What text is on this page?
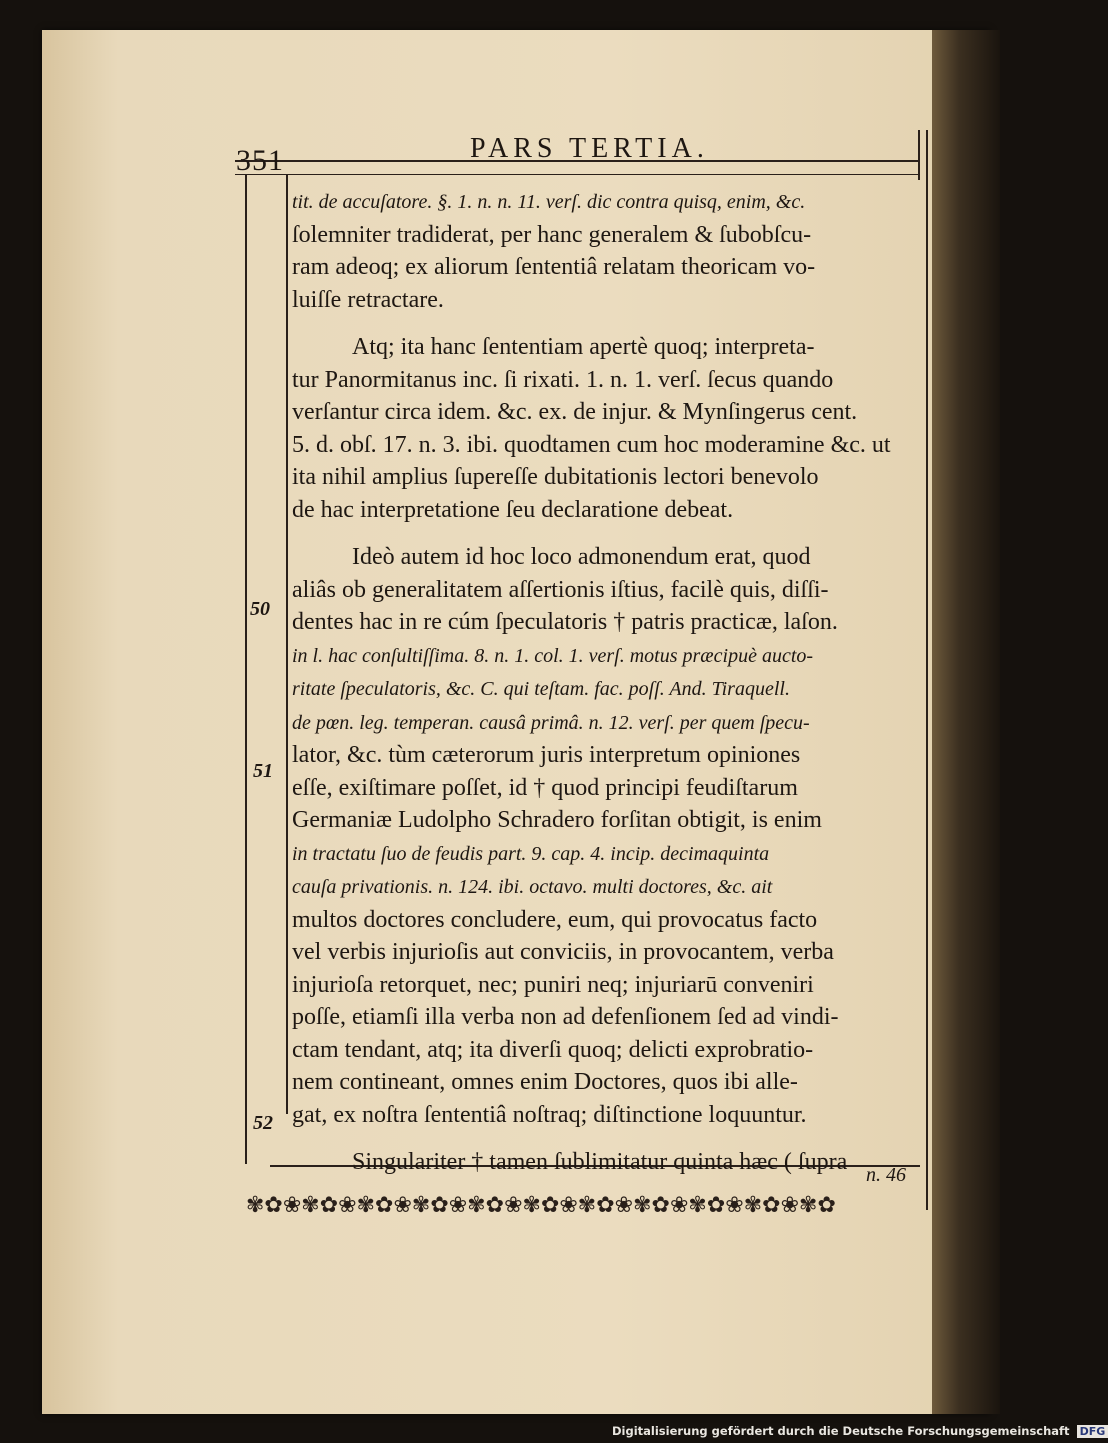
351	PARS TERTIA.

tit. de accuſatore. §. 1. n. n. 11. verſ. dic contra quisq, enim, &c.
ſolemniter tradiderat, per hanc generalem & ſubobſcu-
ram adeoq; ex aliorum ſententiâ relatam theoricam vo-
luiſſe retractare.

Atq; ita hanc ſententiam apertè quoq; interpreta-
tur Panormitanus inc. ſi rixati. 1. n. 1. verſ. ſecus quando
verſantur circa idem. &c. ex. de injur. & Mynſingerus cent.
5. d. obſ. 17. n. 3. ibi. quodtamen cum hoc moderamine &c. ut
ita nihil amplius ſupereſſe dubitationis lectori benevolo
de hac interpretatione ſeu declaratione debeat.

Ideò autem id hoc loco admonendum erat, quod
aliâs ob generalitatem aſſertionis iſtius, facilè quis, diſſi-
dentes hac in re cúm ſpeculatoris † patris practicæ, laſon.
in l. hac conſultiſſima. 8. n. 1. col. 1. verſ. motus præcipuè aucto-
ritate ſpeculatoris, &c. C. qui teſtam. fac. poſſ. And. Tiraquell.
de pœn. leg. temperan. causâ primâ. n. 12. verſ. per quem ſpecu-
lator, &c. tùm cæterorum juris interpretum opiniones
eſſe, exiſtimare poſſet, id † quod principi feudiſtarum
Germaniæ Ludolpho Schradero forſitan obtigit, is enim
in tractatu ſuo de feudis part. 9. cap. 4. incip. decimaquinta
cauſa privationis. n. 124. ibi. octavo. multi doctores, &c. ait
multos doctores concludere, eum, qui provocatus facto
vel verbis injurioſis aut conviciis, in provocantem, verba
injurioſa retorquet, nec; puniri neq; injuriarū conveniri
poſſe, etiamſi illa verba non ad defenſionem ſed ad vindi-
ctam tendant, atq; ita diverſi quoq; delicti exprobratio-
nem contineant, omnes enim Doctores, quos ibi alle-
gat, ex noſtra ſententiâ noſtraq; diſtinctione loquuntur.

Singulariter † tamen ſublimitatur quinta hæc ( ſupra

50
51
52
n. 46
✾✿❀✾✿❀✾✿❀✾✿❀✾✿❀✾✿❀✾✿❀✾✿❀✾✿❀✾✿❀✾✿
Digitalisierung gefördert durch die Deutsche Forschungsgemeinschaft DFG
